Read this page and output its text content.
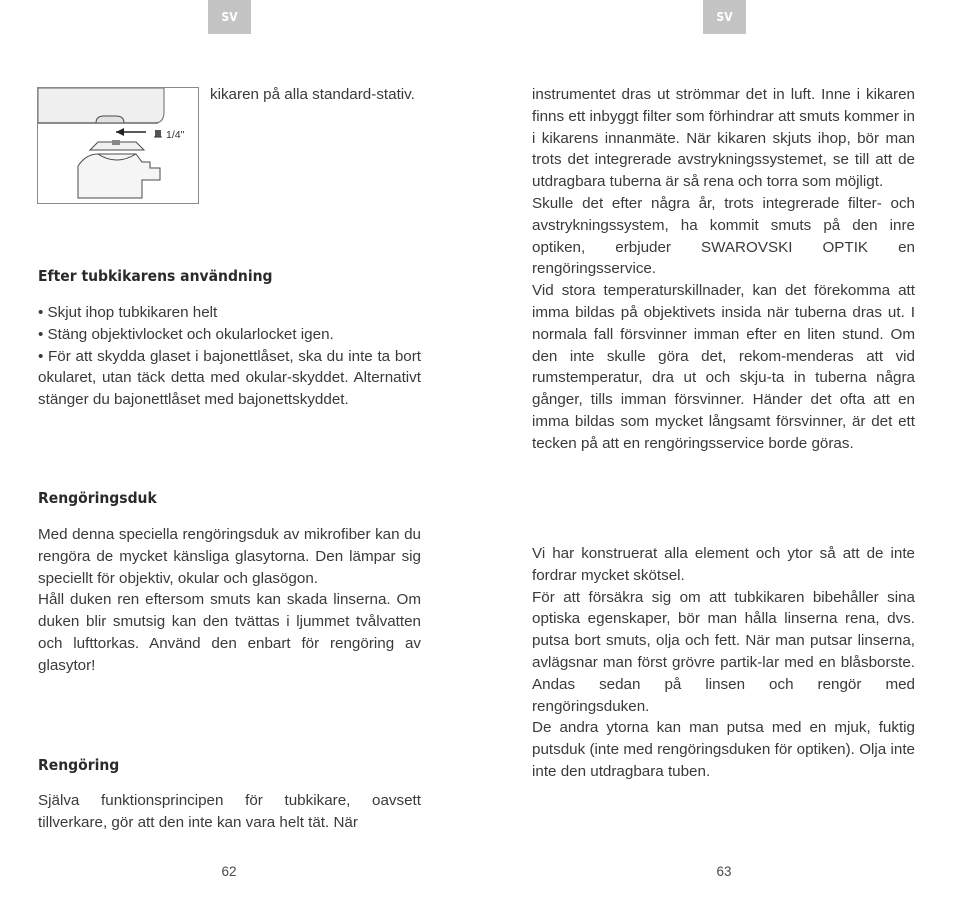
SV
1/4"

kikaren på alla standard-stativ.

Efter tubkikarens användning

• Skjut ihop tubkikaren helt

• Stäng objektivlocket och okularlocket igen.

• För att skydda glaset i bajonettlåset, ska du inte ta bort okularet, utan täck detta med okular-skyddet. Alternativt stänger du bajonettlåset med bajonettskyddet.

Rengöringsduk

Med denna speciella rengöringsduk av mikrofiber kan du rengöra de mycket känsliga glasytorna. Den lämpar sig speciellt för objektiv, okular och glasögon.

Håll duken ren eftersom smuts kan skada linserna. Om duken blir smutsig kan den tvättas i ljummet tvålvatten och lufttorkas. Använd den enbart för rengöring av glasytor!

Rengöring

Själva funktionsprincipen för tubkikare, oavsett tillverkare, gör att den inte kan vara helt tät. När

62
SV

instrumentet dras ut strömmar det in luft. Inne i kikaren finns ett inbyggt filter som förhindrar att smuts kommer in i kikarens innanmäte. När kikaren skjuts ihop, bör man trots det integrerade avstrykningssystemet, se till att de utdragbara tuberna är så rena och torra som möjligt.

Skulle det efter några år, trots integrerade filter- och avstrykningssystem, ha kommit smuts på den inre optiken, erbjuder SWAROVSKI OPTIK en rengöringsservice.

Vid stora temperaturskillnader, kan det förekomma att imma bildas på objektivets insida när tuberna dras ut. I normala fall försvinner imman efter en liten stund. Om den inte skulle göra det, rekom-menderas att vid rumstemperatur, dra ut och skju-ta in tuberna några gånger, tills imman försvinner. Händer det ofta att en imma bildas som mycket långsamt försvinner, är det ett tecken på att en rengöringsservice borde göras.

Vi har konstruerat alla element och ytor så att de inte fordrar mycket skötsel.

För att försäkra sig om att tubkikaren bibehåller sina optiska egenskaper, bör man hålla linserna rena, dvs. putsa bort smuts, olja och fett. När man putsar linserna, avlägsnar man först grövre partik-lar med en blåsborste. Andas sedan på linsen och rengör med rengöringsduken.

De andra ytorna kan man putsa med en mjuk, fuktig putsduk (inte med rengöringsduken för optiken). Olja inte inte den utdragbara tuben.

63
